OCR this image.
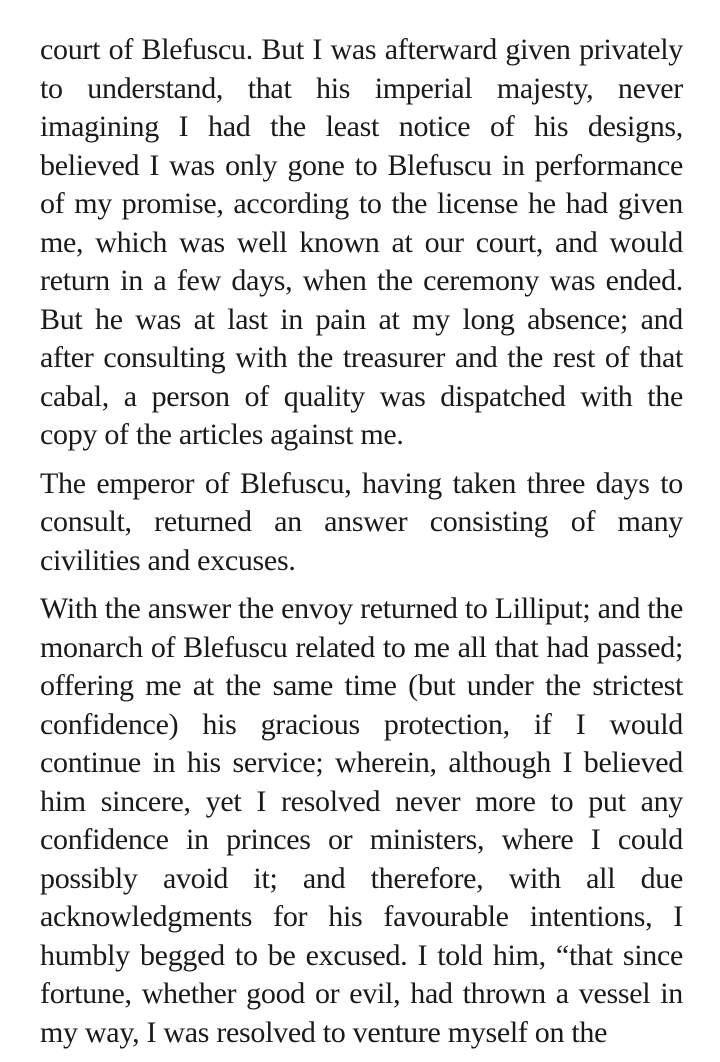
court of Blefuscu. But I was afterward given privately to understand, that his imperial majesty, never imagining I had the least notice of his designs, believed I was only gone to Blefuscu in performance of my promise, according to the license he had given me, which was well known at our court, and would return in a few days, when the ceremony was ended. But he was at last in pain at my long absence; and after consulting with the treasurer and the rest of that cabal, a person of quality was dispatched with the copy of the articles against me.

The emperor of Blefuscu, having taken three days to consult, returned an answer consisting of many civilities and excuses.

With the answer the envoy returned to Lilliput; and the monarch of Blefuscu related to me all that had passed; offering me at the same time (but under the strictest confidence) his gracious protection, if I would continue in his service; wherein, although I believed him sincere, yet I resolved never more to put any confidence in princes or ministers, where I could possibly avoid it; and therefore, with all due acknowledgments for his favourable intentions, I humbly begged to be excused. I told him, “that since fortune, whether good or evil, had thrown a vessel in my way, I was resolved to venture myself on the
